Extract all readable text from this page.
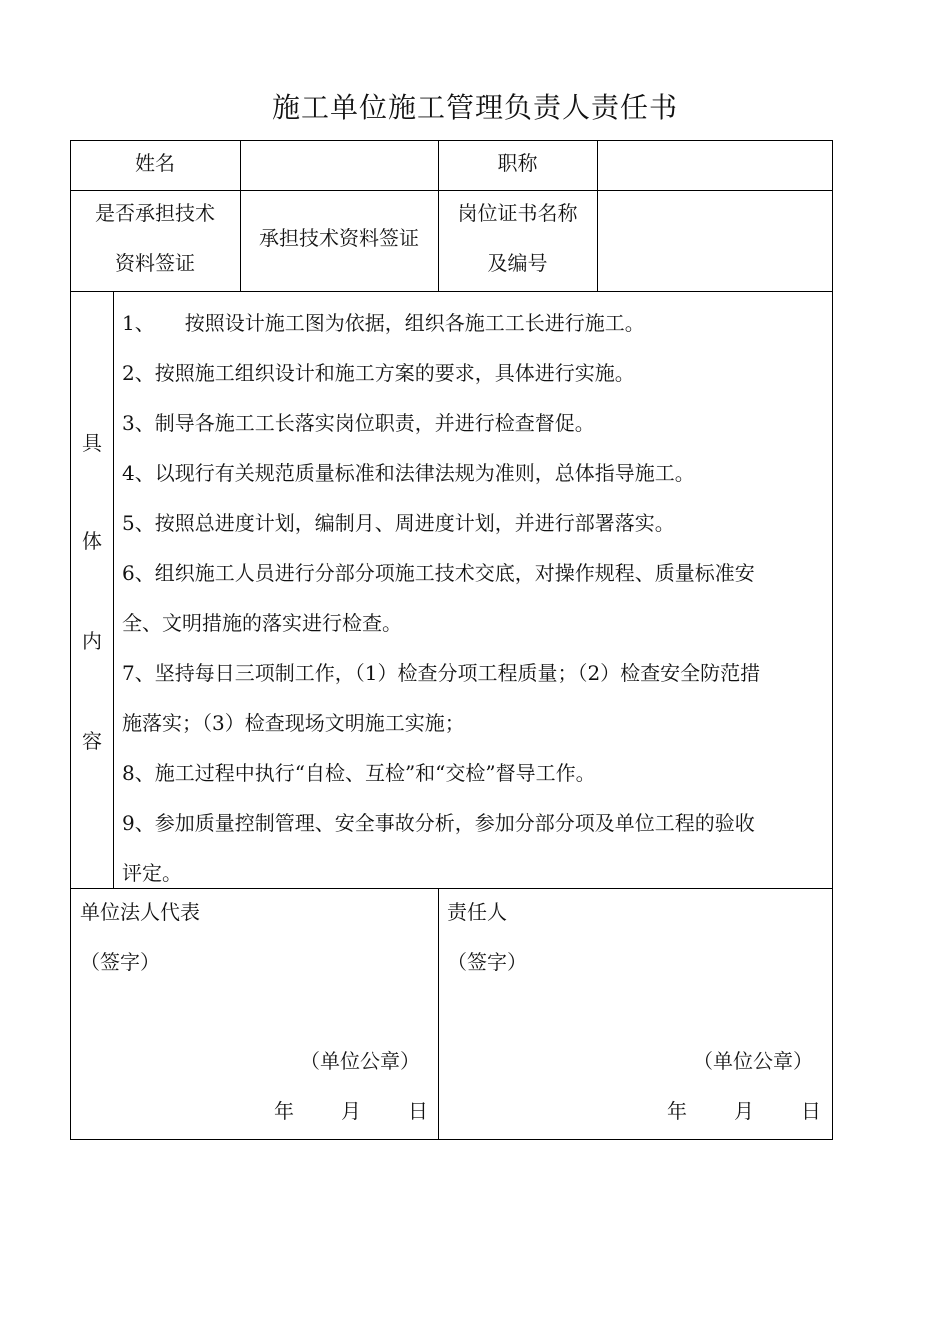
施工单位施工管理负责人责任书
姓名	职称
是否承担技术
资料签证
承担技术资料签证
岗位证书名称
及编号
具
体
内
容
1、　　按照设计施工图为依据，组织各施工工长进行施工。
2、按照施工组织设计和施工方案的要求，具体进行实施。
3、制导各施工工长落实岗位职责，并进行检查督促。
4、以现行有关规范质量标准和法律法规为准则，总体指导施工。
5、按照总进度计划，编制月、周进度计划，并进行部署落实。
6、组织施工人员进行分部分项施工技术交底，对操作规程、质量标准安
全、文明措施的落实进行检查。
7、坚持每日三项制工作，（1）检查分项工程质量；（2）检查安全防范措
施落实；（3）检查现场文明施工实施；
8、施工过程中执行“自检、互检”和“交检”督导工作。
9、参加质量控制管理、安全事故分析，参加分部分项及单位工程的验收
评定。
单位法人代表
（签字）
（单位公章）
年 月 日
责任人
（签字）
（单位公章）
年 月 日
